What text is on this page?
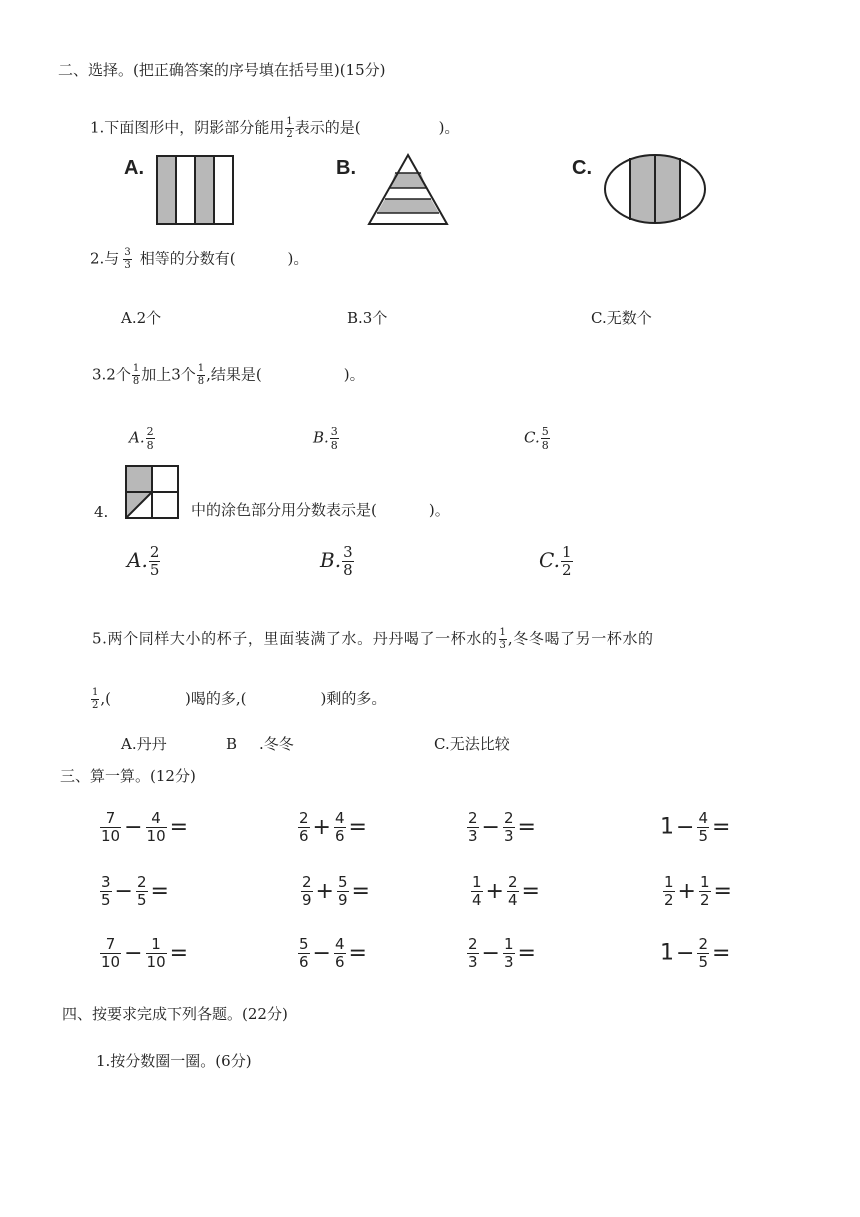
二、选择。(把正确答案的序号填在括号里)(15分)
1.下面图形中，阴影部分能用 $\frac{1}{2}$ 表示的是(	)。
A.	B.	C.
2.与 $\frac{3}{3}$ 相等的分数有(	)。
A.2个	B.3个	C.无数个
3.2个 $\frac{1}{8}$ 加上3个 $\frac{1}{8}$ ,结果是(	)。
A. $\frac{2}{8}$	B. $\frac{3}{8}$	C. $\frac{5}{8}$
4.	中的涂色部分用分数表示是(	)。
A. $\frac{2}{5}$	B. $\frac{3}{8}$	C. $\frac{1}{2}$
5.两个同样大小的杯子，里面装满了水。丹丹喝了一杯水的 $\frac{1}{3}$ ,冬冬喝了另一杯水的
$\frac{1}{2}$ ,(	)喝的多,(	)剩的多。
A.丹丹	B .冬冬	C.无法比较
三、算一算。(12分)
$\frac{7}{10} - \frac{4}{10}$ =	$\frac{2}{6} + \frac{4}{6}$ =	$\frac{2}{3} - \frac{2}{3}$ =	$1- \frac{4}{5}$ =
$\frac{3}{5} - \frac{2}{5}$ =	$\frac{2}{9} + \frac{5}{9}$ =	$\frac{1}{4} + \frac{2}{4}$ =	$\frac{1}{2} + \frac{1}{2}$ =
$\frac{7}{10} - \frac{1}{10}$ =	$\frac{5}{6} - \frac{4}{6}$ =	$\frac{2}{3} - \frac{1}{3}$ =	$1- \frac{2}{5}$ =
四、按要求完成下列各题。(22分)
1.按分数圈一圈。(6分)
